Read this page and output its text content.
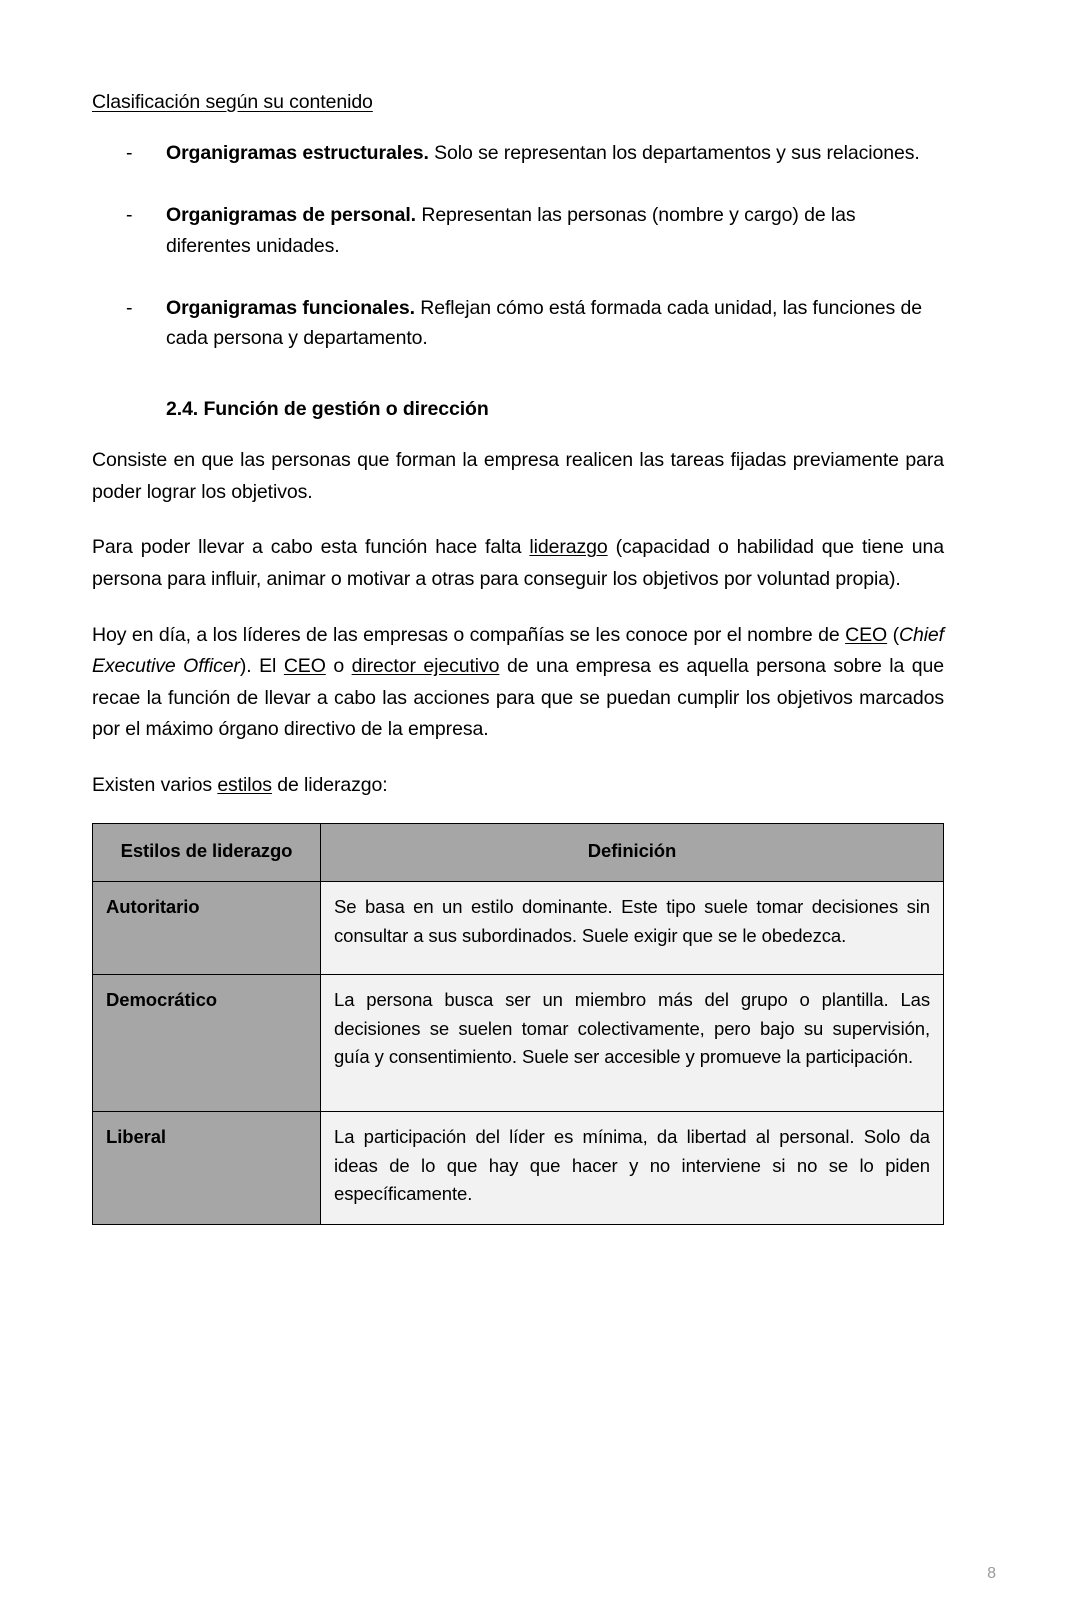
Clasificación según su contenido
- Organigramas estructurales. Solo se representan los departamentos y sus relaciones.
- Organigramas de personal. Representan las personas (nombre y cargo) de las diferentes unidades.
- Organigramas funcionales. Reflejan cómo está formada cada unidad, las funciones de cada persona y departamento.
2.4. Función de gestión o dirección

Consiste en que las personas que forman la empresa realicen las tareas fijadas previamente para poder lograr los objetivos.

Para poder llevar a cabo esta función hace falta liderazgo (capacidad o habilidad que tiene una persona para influir, animar o motivar a otras para conseguir los objetivos por voluntad propia).

Hoy en día, a los líderes de las empresas o compañías se les conoce por el nombre de CEO (Chief Executive Officer). El CEO o director ejecutivo de una empresa es aquella persona sobre la que recae la función de llevar a cabo las acciones para que se puedan cumplir los objetivos marcados por el máximo órgano directivo de la empresa.

Existen varios estilos de liderazgo:

Estilos de liderazgo	Definición
Autoritario	Se basa en un estilo dominante. Este tipo suele tomar decisiones sin consultar a sus subordinados. Suele exigir que se le obedezca.
Democrático	La persona busca ser un miembro más del grupo o plantilla. Las decisiones se suelen tomar colectivamente, pero bajo su supervisión, guía y consentimiento. Suele ser accesible y promueve la participación.
Liberal	La participación del líder es mínima, da libertad al personal. Solo da ideas de lo que hay que hacer y no interviene si no se lo piden específicamente.
8
